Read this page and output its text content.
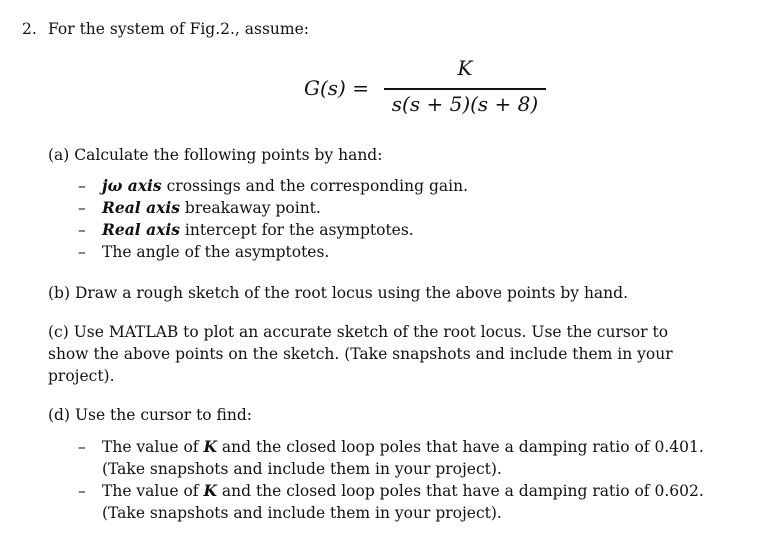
2. For the system of Fig.2., assume:
G(s) =
K
s(s + 5)(s + 8)
(a) Calculate the following points by hand:
– jω axis crossings and the corresponding gain.
– Real axis breakaway point.
– Real axis intercept for the asymptotes.
– The angle of the asymptotes.
(b) Draw a rough sketch of the root locus using the above points by hand.
(c) Use MATLAB to plot an accurate sketch of the root locus. Use the cursor to
show the above points on the sketch. (Take snapshots and include them in your
project).
(d) Use the cursor to find:
– The value of K and the closed loop poles that have a damping ratio of 0.401.
(Take snapshots and include them in your project).
– The value of K and the closed loop poles that have a damping ratio of 0.602.
(Take snapshots and include them in your project).
